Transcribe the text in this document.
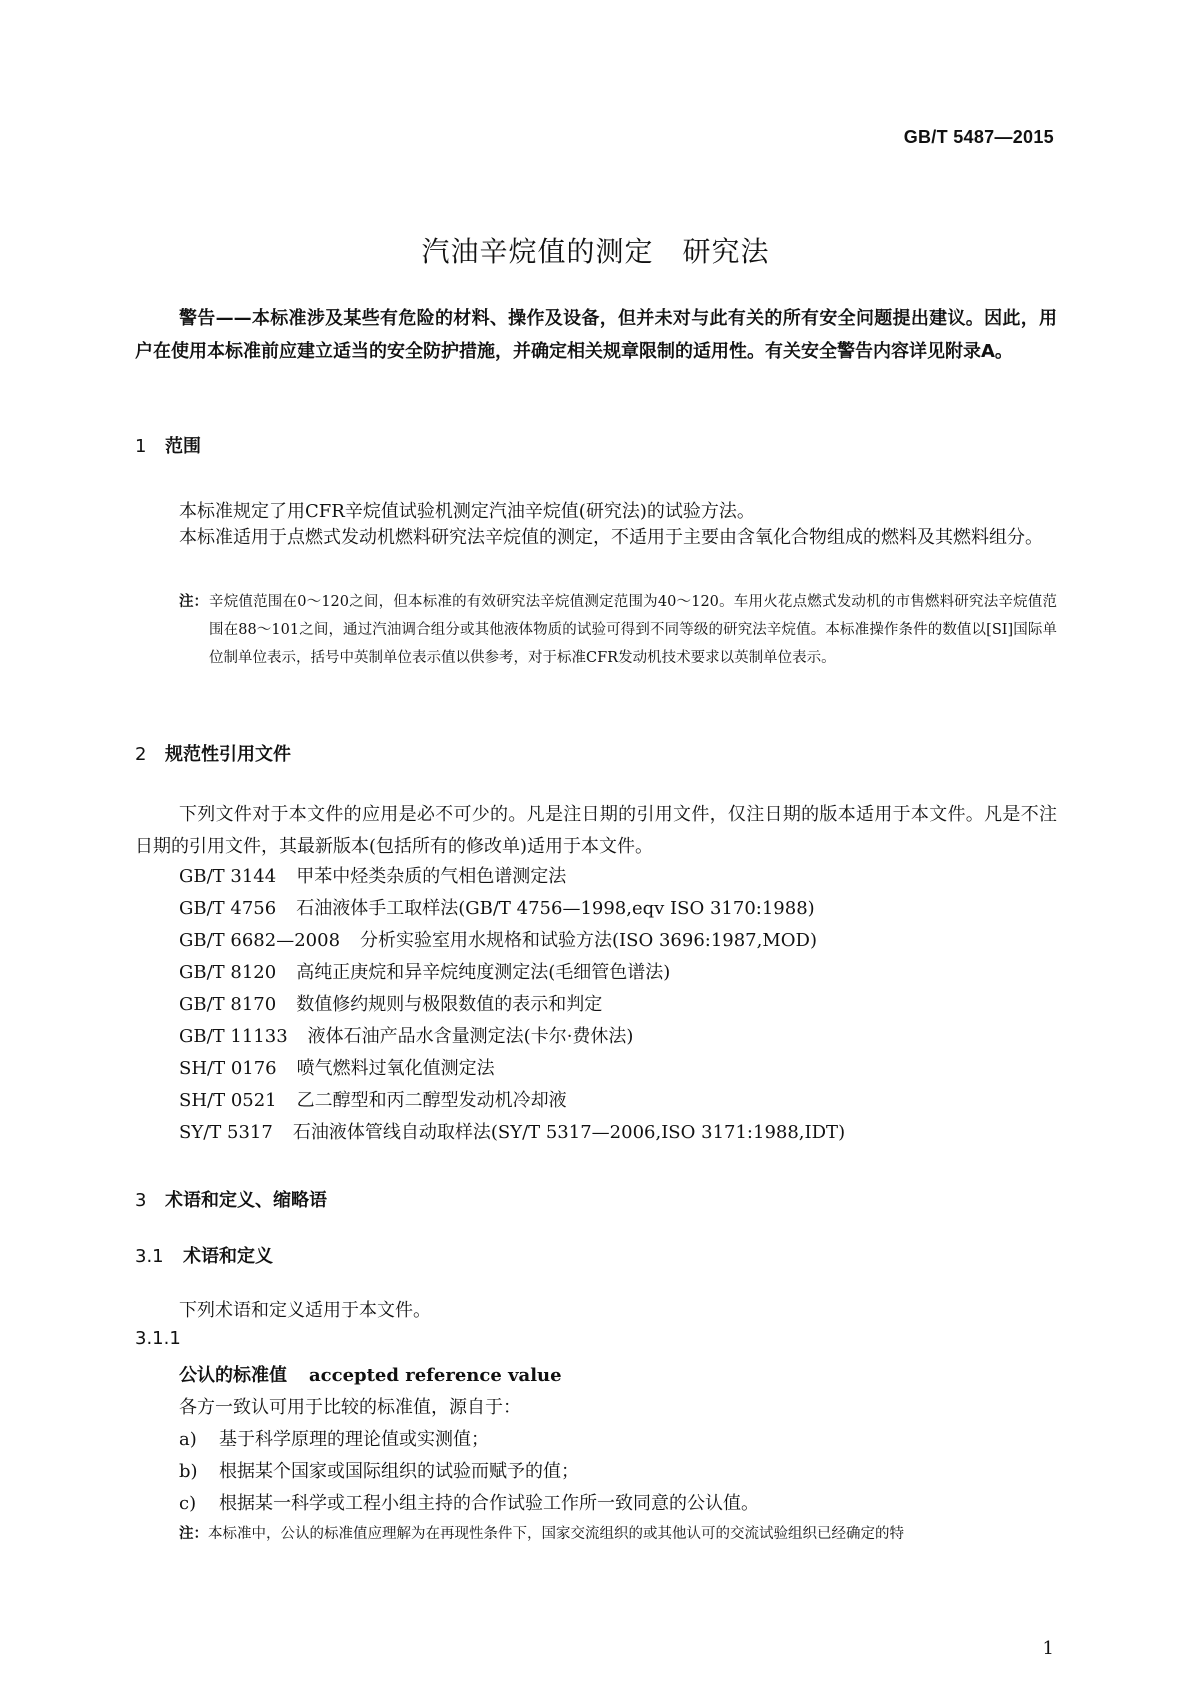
GB/T 5487—2015
汽油辛烷值的测定　研究法
警告——本标准涉及某些有危险的材料、操作及设备，但并未对与此有关的所有安全问题提出建议。因此，用户在使用本标准前应建立适当的安全防护措施，并确定相关规章限制的适用性。有关安全警告内容详见附录A。
1 范围
本标准规定了用CFR辛烷值试验机测定汽油辛烷值(研究法)的试验方法。
本标准适用于点燃式发动机燃料研究法辛烷值的测定，不适用于主要由含氧化合物组成的燃料及其燃料组分。
注： 辛烷值范围在0～120之间，但本标准的有效研究法辛烷值测定范围为40～120。车用火花点燃式发动机的市售燃料研究法辛烷值范围在88～101之间，通过汽油调合组分或其他液体物质的试验可得到不同等级的研究法辛烷值。本标准操作条件的数值以[SI]国际单位制单位表示，括号中英制单位表示值以供参考，对于标准CFR发动机技术要求以英制单位表示。
2 规范性引用文件
下列文件对于本文件的应用是必不可少的。凡是注日期的引用文件，仅注日期的版本适用于本文件。凡是不注日期的引用文件，其最新版本(包括所有的修改单)适用于本文件。
GB/T 3144 甲苯中烃类杂质的气相色谱测定法
GB/T 4756 石油液体手工取样法(GB/T 4756—1998,eqv ISO 3170:1988)
GB/T 6682—2008 分析实验室用水规格和试验方法(ISO 3696:1987,MOD)
GB/T 8120 高纯正庚烷和异辛烷纯度测定法(毛细管色谱法)
GB/T 8170 数值修约规则与极限数值的表示和判定
GB/T 11133 液体石油产品水含量测定法(卡尔·费休法)
SH/T 0176 喷气燃料过氧化值测定法
SH/T 0521 乙二醇型和丙二醇型发动机冷却液
SY/T 5317 石油液体管线自动取样法(SY/T 5317—2006,ISO 3171:1988,IDT)
3 术语和定义、缩略语
3.1 术语和定义
下列术语和定义适用于本文件。
3.1.1
公认的标准值 accepted reference value
各方一致认可用于比较的标准值，源自于：
a) 基于科学原理的理论值或实测值；
b) 根据某个国家或国际组织的试验而赋予的值；
c) 根据某一科学或工程小组主持的合作试验工作所一致同意的公认值。
注：本标准中，公认的标准值应理解为在再现性条件下，国家交流组织的或其他认可的交流试验组织已经确定的特
1
